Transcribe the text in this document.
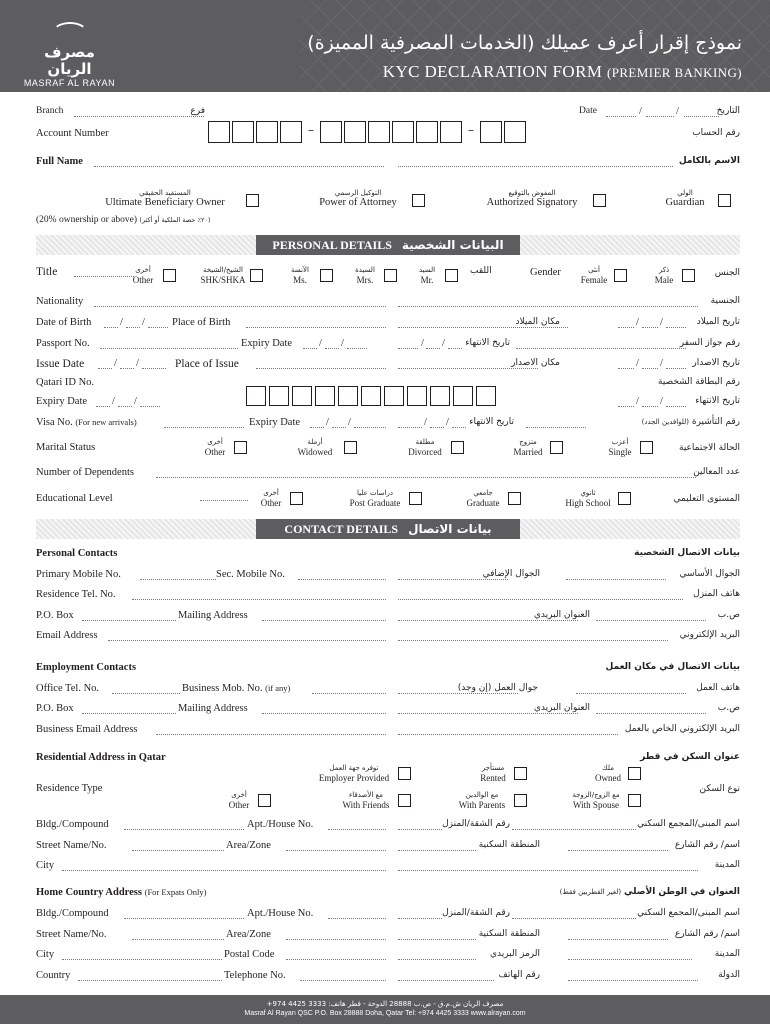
مصرف الريان
MASRAF AL RAYAN
نموذج إقرار أعرف عميلك (الخدمات المصرفية المميزة)
KYC DECLARATION FORM (PREMIER BANKING)
Branch	فرع	Date	/	/	التاريخ
Account Number	رقم الحساب
–	–
Full Name	الاسم بالكامل
المستفيد الحقيقي
Ultimate Beneficiary Owner
التوكيل الرسمي
Power of Attorney
المفوض بالتوقيع
Authorized Signatory
الولي
Guardian
(20% ownership or above) (٢٠٪ حصة الملكية أو أكثر)
PERSONAL DETAILS البيانات الشخصية
Title	أخرى
Other
الشيخ/الشيخة
SHK/SHKA
الآنسة
Ms.
السيدة
Mrs.
السيد
Mr.
اللقب	Gender	أنثى
Female
ذكر
Male
الجنس
Nationality	الجنسية
Date of Birth	/ /	Place of Birth	مكان الميلاد	/ /	تاريخ الميلاد
Passport No.	Expiry Date	/ /	/ / تاريخ الانتهاء	رقم جواز السفر
Issue Date	/ /	Place of Issue	مكان الاصدار	/ /	تاريخ الاصدار
Qatari ID No.	رقم البطاقة الشخصية
Expiry Date / /	/ /	تاريخ الانتهاء
Visa No. (For new arrivals)	Expiry Date / /	/ / تاريخ الانتهاء	رقم التأشيرة (للوافدين الجدد)
Marital Status	أخرى
Other
أرملة
Widowed
مطلقة
Divorced
متزوج
Married
أعزب
Single	الحالة الاجتماعية
Number of Dependents	عدد المعالين
Educational Level	أخرى
Other
دراسات عليا
Post Graduate
جامعي
Graduate
ثانوي
High School	المستوى التعليمي
CONTACT DETAILS بيانات الاتصال
Personal Contacts	بيانات الاتصال الشخصية
Primary Mobile No.	Sec. Mobile No.	الجوال الإضافي	الجوال الأساسي
Residence Tel. No.	هاتف المنزل
P.O. Box	Mailing Address	العنوان البريدي	ص.ب
Email Address	البريد الإلكتروني
Employment Contacts	بيانات الاتصال في مكان العمل
Office Tel. No.	Business Mob. No. (if any)	جوال العمل (إن وجد)	هاتف العمل
P.O. Box	Mailing Address	العنوان البريدي	ص.ب
Business Email Address	البريد الإلكتروني الخاص بالعمل
Residential Address in Qatar	عنوان السكن في قطر
Residence Type	نوع السكن
توفره جهة العمل
Employer Provided
مستأجر
Rented
ملك
Owned
أخرى
Other
مع الأصدقاء
With Friends
مع الوالدين
With Parents
مع الزوج/الزوجة
With Spouse
Bldg./Compound	Apt./House No.	رقم الشقة/المنزل	اسم المبنى/المجمع السكني
Street Name/No.	Area/Zone	المنطقة السكنية	اسم/ رقم الشارع
City	المدينة
Home Country Address (For Expats Only)	العنوان في الوطن الأصلي (لغير القطريين فقط)
Bldg./Compound	Apt./House No.	رقم الشقة/المنزل	اسم المبنى/المجمع السكني
Street Name/No.	Area/Zone	المنطقة السكنية	اسم/ رقم الشارع
City	Postal Code	الرمز البريدي	المدينة
Country	Telephone No.	رقم الهاتف	الدولة
مصرف الريان ش.م.ق - ص.ب 28888 الدوحة - قطر هاتف: 3333 4425 974+
Masraf Al Rayan QSC P.O. Box 28888 Doha, Qatar Tel: +974 4425 3333 www.alrayan.com
